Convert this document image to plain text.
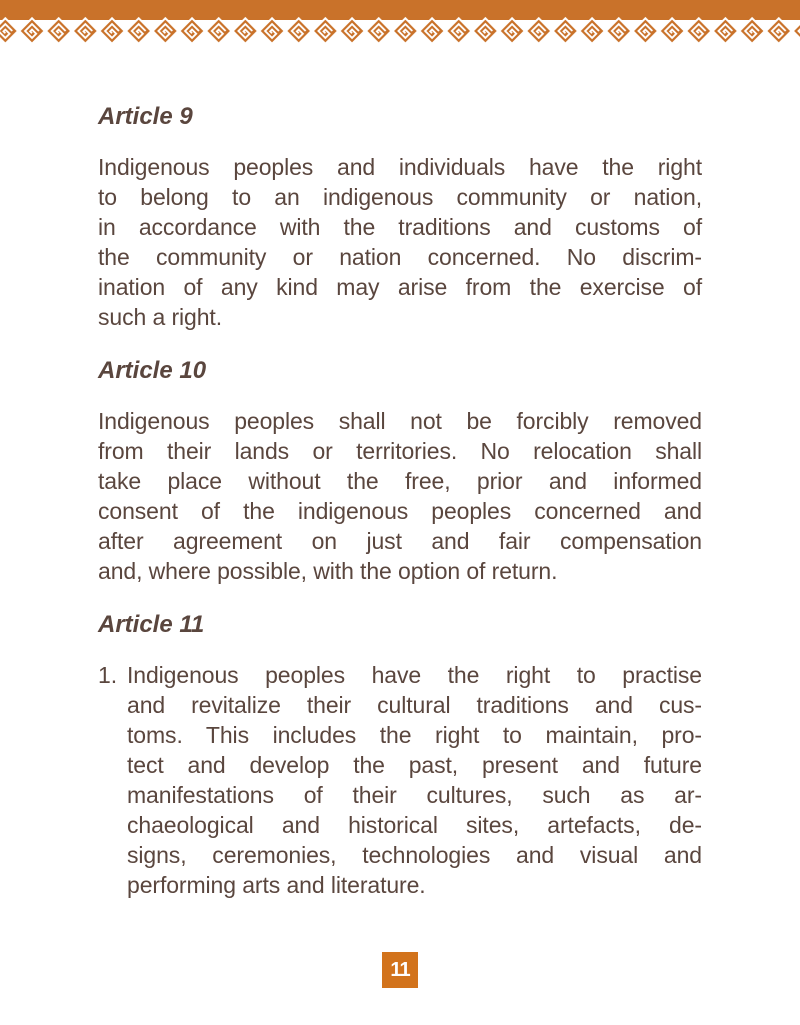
Article 9
Indigenous peoples and individuals have the right
to belong to an indigenous community or nation,
in accordance with the traditions and customs of
the community or nation concerned. No discrim-
ination of any kind may arise from the exercise of
such a right.
Article 10
Indigenous peoples shall not be forcibly removed
from their lands or territories. No relocation shall
take place without the free, prior and informed
consent of the indigenous peoples concerned and
after agreement on just and fair compensation
and, where possible, with the option of return.
Article 11
1. Indigenous peoples have the right to practise
and revitalize their cultural traditions and cus-
toms. This includes the right to maintain, pro-
tect and develop the past, present and future
manifestations of their cultures, such as ar-
chaeological and historical sites, artefacts, de-
signs, ceremonies, technologies and visual and
performing arts and literature.
11
